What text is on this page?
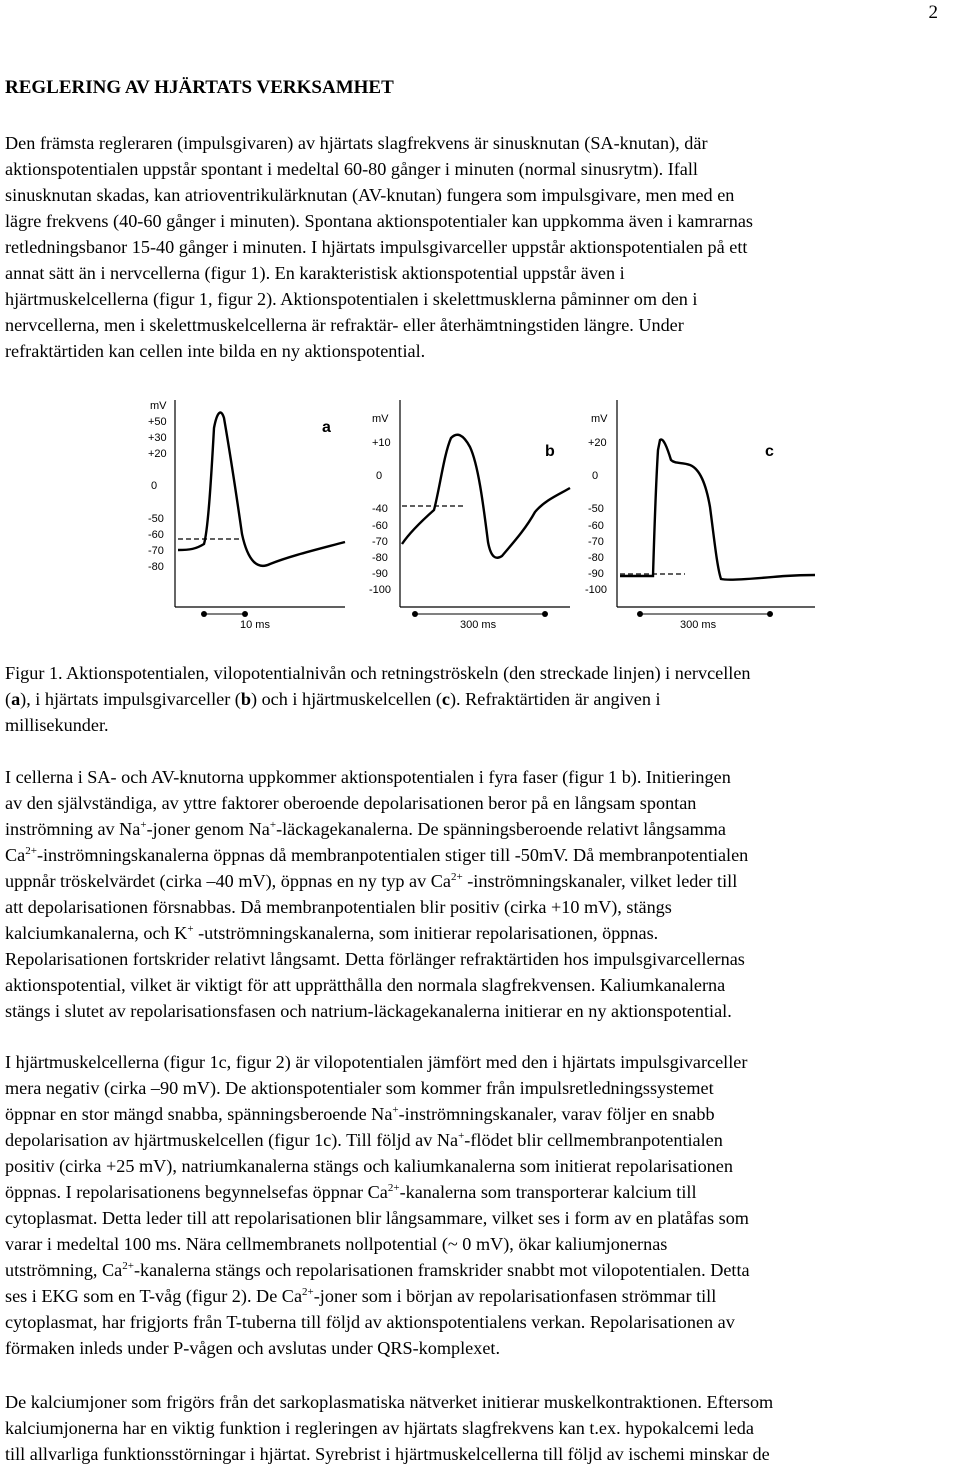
2
REGLERING AV HJÄRTATS VERKSAMHET

Den främsta regleraren (impulsgivaren) av hjärtats slagfrekvens är sinusknutan (SA-knutan), där
aktionspotentialen uppstår spontant i medeltal 60-80 gånger i minuten (normal sinusrytm). Ifall
sinusknutan skadas, kan atrioventrikulärknutan (AV-knutan) fungera som impulsgivare, men med en
lägre frekvens (40-60 gånger i minuten). Spontana aktionspotentialer kan uppkomma även i kamrarnas
retledningsbanor 15-40 gånger i minuten. I hjärtats impulsgivarceller uppstår aktionspotentialen på ett
annat sätt än i nervcellerna (figur 1). En karakteristisk aktionspotential uppstår även i
hjärtmuskelcellerna (figur 1, figur 2). Aktionspotentialen i skelettmusklerna påminner om den i
nervcellerna, men i skelettmuskelcellerna är refraktär- eller återhämtningstiden längre. Under
refraktärtiden kan cellen inte bilda en ny aktionspotential.

mV
+50
+30
+20
0
-50
-60
-70
-80
a
10 ms
mV
+10
0
-40
-60
-70
-80
-90
-100
b
300 ms
mV
+20
0
-50
-60
-70
-80
-90
-100
c
300 ms

Figur 1. Aktionspotentialen, vilopotentialnivån och retningströskeln (den streckade linjen) i nervcellen
(a), i hjärtats impulsgivarceller (b) och i hjärtmuskelcellen (c). Refraktärtiden är angiven i
millisekunder.

I cellerna i SA- och AV-knutorna uppkommer aktionspotentialen i fyra faser (figur 1 b). Initieringen
av den självständiga, av yttre faktorer oberoende depolarisationen beror på en långsam spontan
inströmning av Na+-joner genom Na+-läckagekanalerna. De spänningsberoende relativt långsamma
$Ca^{2+}$-inströmningskanalerna öppnas då membranpotentialen stiger till -50mV. Då membranpotentialen
uppnår tröskelvärdet (cirka –40 mV), öppnas en ny typ av $Ca^{2+}$ -inströmningskanaler, vilket leder till
att depolarisationen försnabbas. Då membranpotentialen blir positiv (cirka +10 mV), stängs
kalciumkanalerna, och K+ -utströmningskanalerna, som initierar repolarisationen, öppnas.
Repolarisationen fortskrider relativt långsamt. Detta förlänger refraktärtiden hos impulsgivarcellernas
aktionspotential, vilket är viktigt för att upprätthålla den normala slagfrekvensen. Kaliumkanalerna
stängs i slutet av repolarisationsfasen och natrium-läckagekanalerna initierar en ny aktionspotential.

I hjärtmuskelcellerna (figur 1c, figur 2) är vilopotentialen jämfört med den i hjärtats impulsgivarceller
mera negativ (cirka –90 mV). De aktionspotentialer som kommer från impulsretledningssystemet
öppnar en stor mängd snabba, spänningsberoende Na+-inströmningskanaler, varav följer en snabb
depolarisation av hjärtmuskelcellen (figur 1c). Till följd av Na+-flödet blir cellmembranpotentialen
positiv (cirka +25 mV), natriumkanalerna stängs och kaliumkanalerna som initierat repolarisationen
öppnas. I repolarisationens begynnelsefas öppnar $Ca^{2+}$-kanalerna som transporterar kalcium till
cytoplasmat. Detta leder till att repolarisationen blir långsammare, vilket ses i form av en platåfas som
varar i medeltal 100 ms. Nära cellmembranets nollpotential (~ 0 mV), ökar kaliumjonernas
utströmning, $Ca^{2+}$-kanalerna stängs och repolarisationen framskrider snabbt mot vilopotentialen. Detta
ses i EKG som en T-våg (figur 2). De $Ca^{2+}$-joner som i början av repolarisationfasen strömmar till
cytoplasmat, har frigjorts från T-tuberna till följd av aktionspotentialens verkan. Repolarisationen av
förmaken inleds under P-vågen och avslutas under QRS-komplexet.

De kalciumjoner som frigörs från det sarkoplasmatiska nätverket initierar muskelkontraktionen. Eftersom
kalciumjonerna har en viktig funktion i regleringen av hjärtats slagfrekvens kan t.ex. hypokalcemi leda
till allvarliga funktionsstörningar i hjärtat. Syrebrist i hjärtmuskelcellerna till följd av ischemi minskar de
